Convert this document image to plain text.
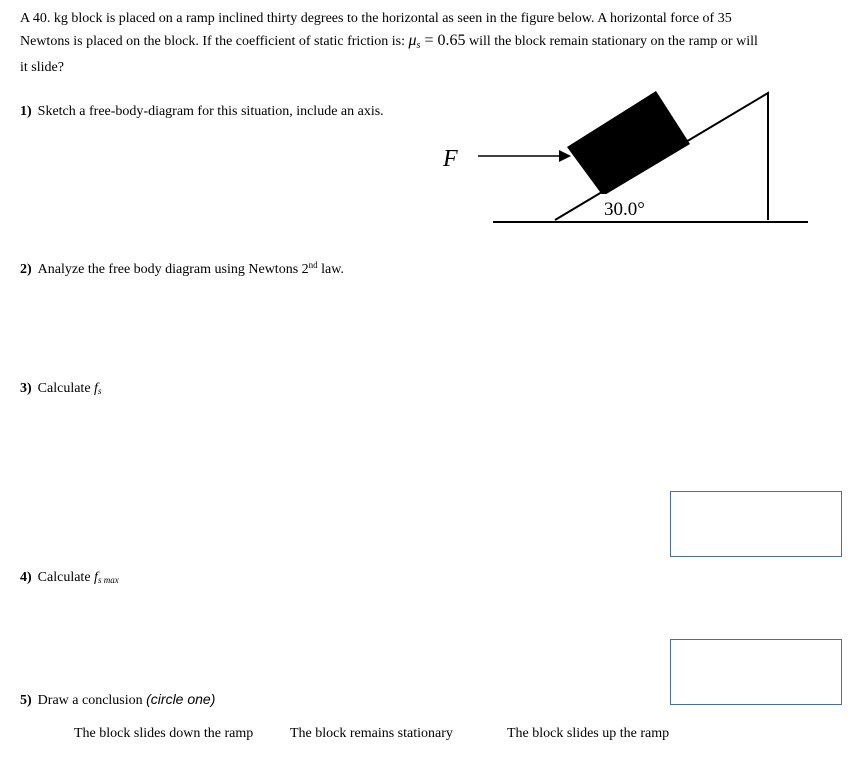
A 40. kg block is placed on a ramp inclined thirty degrees to the horizontal as seen in the figure below. A horizontal force of 35
Newtons is placed on the block. If the coefficient of static friction is: $\mu_s = 0.65$ will the block remain stationary on the ramp or will
it slide?
F
30.0°
1) Sketch a free-body-diagram for this situation, include an axis.
2) Analyze the free body diagram using Newtons 2nd law.
3) Calculate $f_s$
4) Calculate $f_{s max}$
5) Draw a conclusion (circle one)
The block slides down the ramp	The block remains stationary	The block slides up the ramp
